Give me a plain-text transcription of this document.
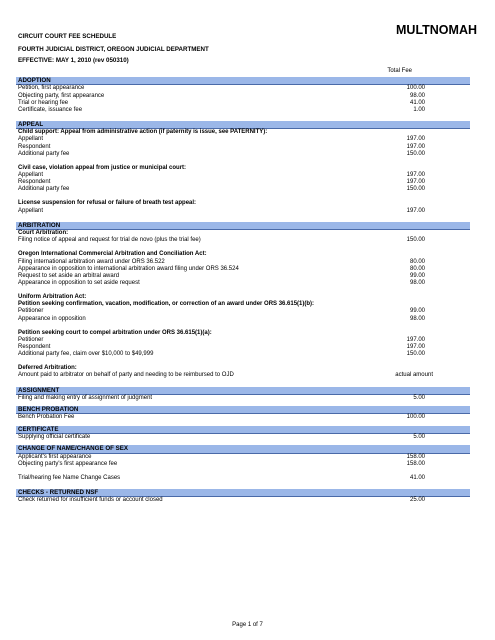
CIRCUIT COURT FEE SCHEDULE	MULTNOMAH
FOURTH JUDICIAL DISTRICT, OREGON JUDICIAL DEPARTMENT
EFFECTIVE: MAY 1, 2010 (rev 050310)
Total Fee
ADOPTION
Petition, first appearance	100.00
Objecting party, first appearance	98.00
Trial or hearing fee	41.00
Certificate, issuance fee	1.00
APPEAL
Child support: Appeal from administrative action (if paternity is issue, see PATERNITY):
Appellant	197.00
Respondent	197.00
Additional party fee	150.00
Civil case, violation appeal from justice or municipal court:
Appellant	197.00
Respondent	197.00
Additional party fee	150.00
License suspension for refusal or failure of breath test appeal:
Appellant	197.00
ARBITRATION
Court Arbitration:
Filing notice of appeal and request for trial de novo (plus the trial fee)	150.00
Oregon International Commercial Arbitration and Conciliation Act:
Filing international arbitration award under ORS 36.522	80.00
Appearance in opposition to international arbitration award filing under ORS 36.524	80.00
Request to set aside an arbitral award	99.00
Appearance in opposition to set aside request	98.00
Uniform Arbitration Act:
Petition seeking confirmation, vacation, modification, or correction of an award under ORS 36.615(1)(b):
Petitioner	99.00
Appearance in opposition	98.00
Petition seeking court to compel arbitration under ORS 36.615(1)(a):
Petitioner	197.00
Respondent	197.00
Additional party fee, claim over $10,000 to $49,999	150.00
Deferred Arbitration:
Amount paid to arbitrator on behalf of party and needing to be reimbursed to OJD	actual amount
ASSIGNMENT
Filing and making entry of assignment of judgment	5.00
BENCH PROBATION
Bench Probation Fee	100.00
CERTIFICATE
Supplying official certificate	5.00
CHANGE OF NAME/CHANGE OF SEX
Applicant's first appearance	158.00
Objecting party's first appearance fee	158.00
Trial/hearing fee Name Change Cases	41.00
CHECKS - RETURNED NSF
Check returned for insufficient funds or account closed	25.00
Page 1 of 7
